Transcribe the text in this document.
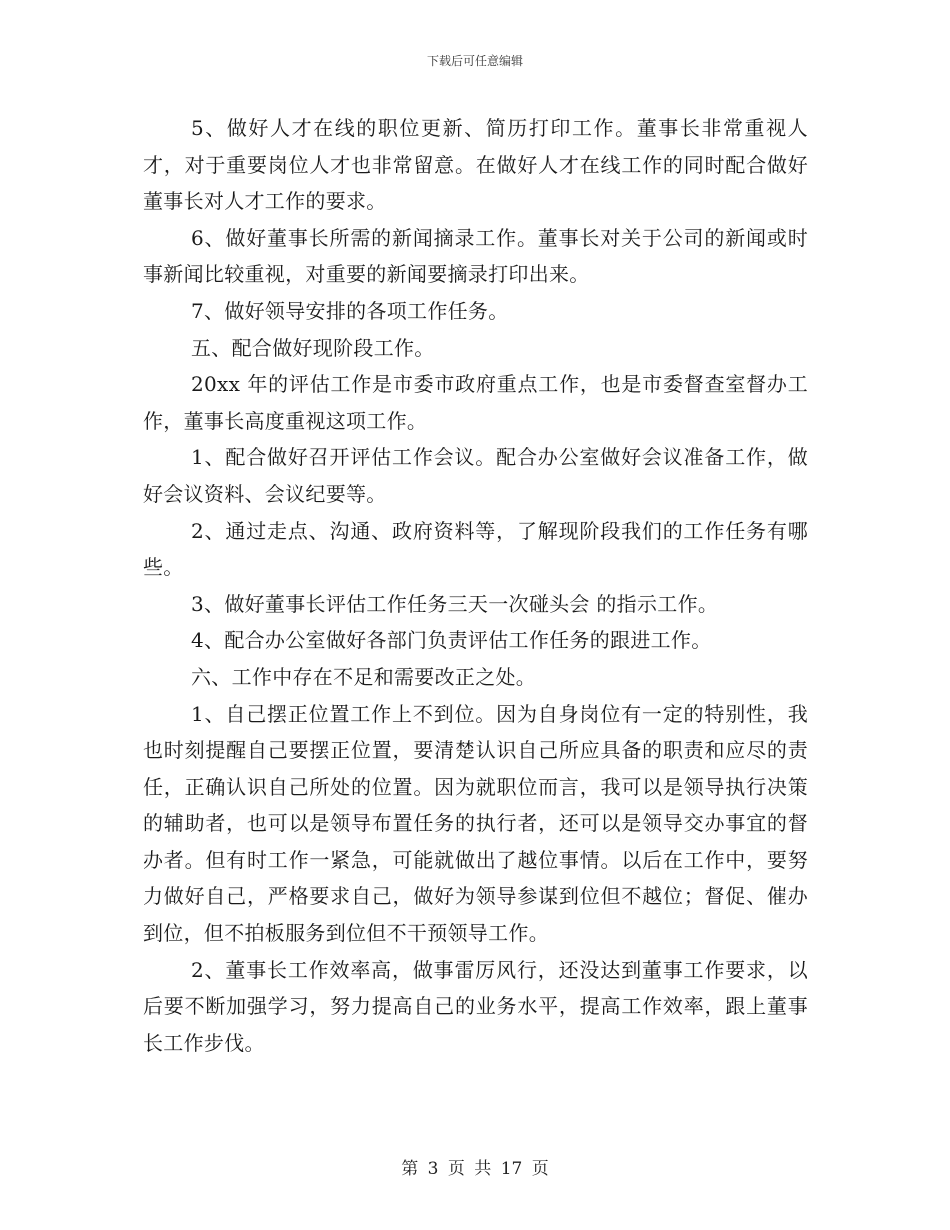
下载后可任意编辑

5、做好人才在线的职位更新、简历打印工作。董事长非常重视人才，对于重要岗位人才也非常留意。在做好人才在线工作的同时配合做好董事长对人才工作的要求。

6、做好董事长所需的新闻摘录工作。董事长对关于公司的新闻或时事新闻比较重视，对重要的新闻要摘录打印出来。

7、做好领导安排的各项工作任务。

五、配合做好现阶段工作。

20xx 年的评估工作是市委市政府重点工作，也是市委督查室督办工作，董事长高度重视这项工作。

1、配合做好召开评估工作会议。配合办公室做好会议准备工作，做好会议资料、会议纪要等。

2、通过走点、沟通、政府资料等，了解现阶段我们的工作任务有哪些。

3、做好董事长评估工作任务三天一次碰头会 的指示工作。

4、配合办公室做好各部门负责评估工作任务的跟进工作。

六、工作中存在不足和需要改正之处。

1、自己摆正位置工作上不到位。因为自身岗位有一定的特别性，我也时刻提醒自己要摆正位置，要清楚认识自己所应具备的职责和应尽的责任，正确认识自己所处的位置。因为就职位而言，我可以是领导执行决策的辅助者，也可以是领导布置任务的执行者，还可以是领导交办事宜的督办者。但有时工作一紧急，可能就做出了越位事情。以后在工作中，要努力做好自己，严格要求自己，做好为领导参谋到位但不越位；督促、催办到位，但不拍板服务到位但不干预领导工作。

2、董事长工作效率高，做事雷厉风行，还没达到董事工作要求，以后要不断加强学习，努力提高自己的业务水平，提高工作效率，跟上董事长工作步伐。

第 3 页 共 17 页
